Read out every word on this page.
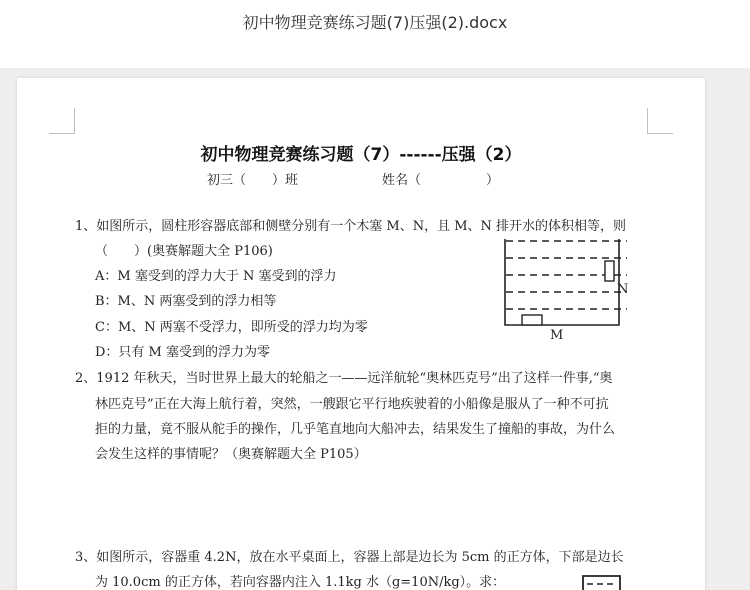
初中物理竞赛练习题(7)压强(2).docx
初中物理竞赛练习题（7）------压强（2）
初三（　　）班	姓名（　　　　　）
1、如图所示，圆柱形容器底部和侧壁分别有一个木塞 M、N，且 M、N 排开水的体积相等，则
（　　）(奥赛解题大全 P106)
A：M 塞受到的浮力大于 N 塞受到的浮力
B：M、N 两塞受到的浮力相等
C：M、N 两塞不受浮力，即所受的浮力均为零
D：只有 M 塞受到的浮力为零
N
M
2、1912 年秋天，当时世界上最大的轮船之一——远洋航轮“奥林匹克号”出了这样一件事,“奥
林匹克号”正在大海上航行着，突然，一艘跟它平行地疾驶着的小船像是服从了一种不可抗
拒的力量，竟不服从舵手的操作，几乎笔直地向大船冲去，结果发生了撞船的事故，为什么
会发生这样的事情呢？（奥赛解题大全 P105）
3、如图所示，容器重 4.2N，放在水平桌面上，容器上部是边长为 5cm 的正方体，下部是边长
为 10.0cm 的正方体，若向容器内注入 1.1kg 水（g=10N/kg）。求：
